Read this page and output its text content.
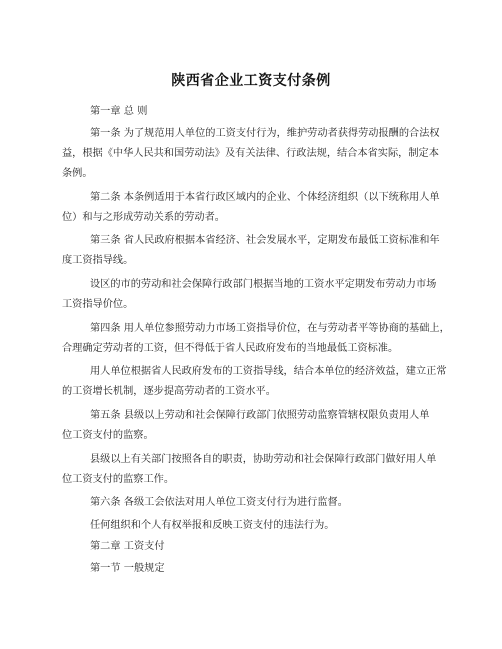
陕西省企业工资支付条例
第一章 总 则
第一条 为了规范用人单位的工资支付行为，维护劳动者获得劳动报酬的合法权
益，根据《中华人民共和国劳动法》及有关法律、行政法规，结合本省实际，制定本
条例。
第二条 本条例适用于本省行政区域内的企业、个体经济组织（以下统称用人单
位）和与之形成劳动关系的劳动者。
第三条 省人民政府根据本省经济、社会发展水平，定期发布最低工资标准和年
度工资指导线。
设区的市的劳动和社会保障行政部门根据当地的工资水平定期发布劳动力市场
工资指导价位。
第四条 用人单位参照劳动力市场工资指导价位，在与劳动者平等协商的基础上，
合理确定劳动者的工资，但不得低于省人民政府发布的当地最低工资标准。
用人单位根据省人民政府发布的工资指导线，结合本单位的经济效益，建立正常
的工资增长机制，逐步提高劳动者的工资水平。
第五条 县级以上劳动和社会保障行政部门依照劳动监察管辖权限负责用人单
位工资支付的监察。
县级以上有关部门按照各自的职责，协助劳动和社会保障行政部门做好用人单
位工资支付的监察工作。
第六条 各级工会依法对用人单位工资支付行为进行监督。
任何组织和个人有权举报和反映工资支付的违法行为。
第二章 工资支付
第一节 一般规定
